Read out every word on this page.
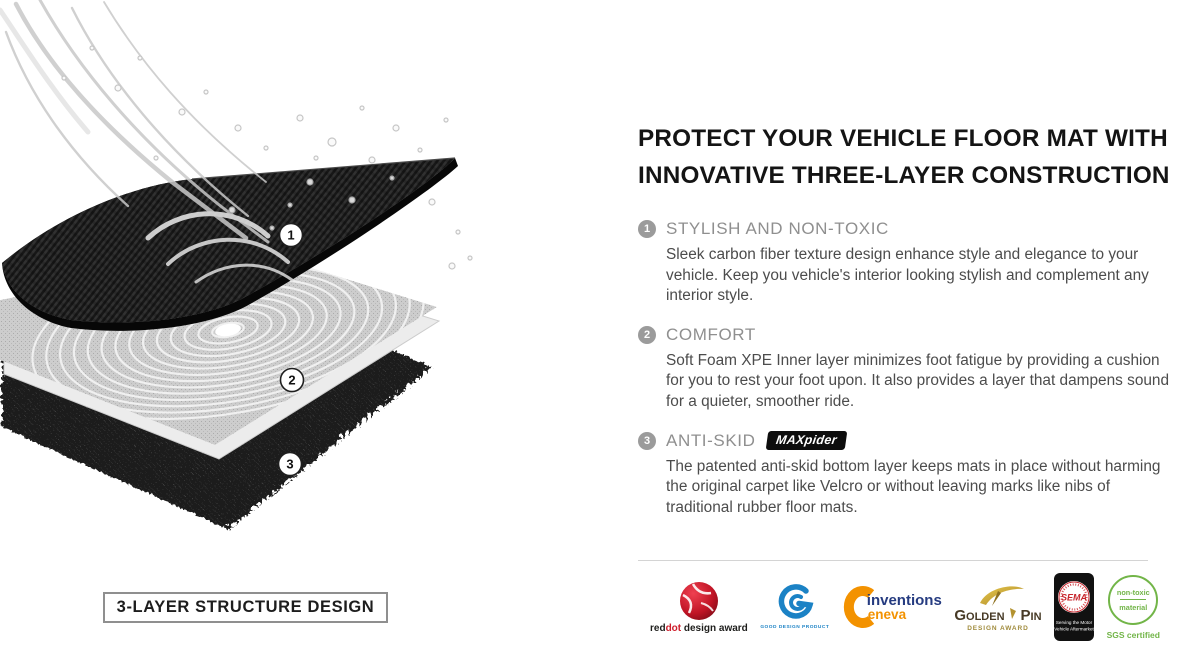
1
2
3
3-LAYER STRUCTURE DESIGN
PROTECT YOUR VEHICLE FLOOR MAT WITH
INNOVATIVE THREE-LAYER CONSTRUCTION
1 STYLISH AND NON-TOXIC

Sleek carbon fiber texture design enhance style and elegance to your vehicle. Keep you vehicle's interior looking stylish and complement any interior style.

2 COMFORT

Soft Foam XPE Inner layer minimizes foot fatigue by providing a cushion for you to rest your foot upon. It also provides a layer that dampens sound for a quieter, smoother ride.

3 ANTI-SKID	MAXpider

The patented anti-skid bottom layer keeps mats in place without harming the original carpet like Velcro or without leaving marks like nibs of traditional rubber floor mats.

reddot design award	GOOD DESIGN PRODUCT
inventions
eneva	Golden Pin
DESIGN AWARD
SEMA
Serving the Motor
Vehicle Aftermarket
non-toxic
material
SGS certified
